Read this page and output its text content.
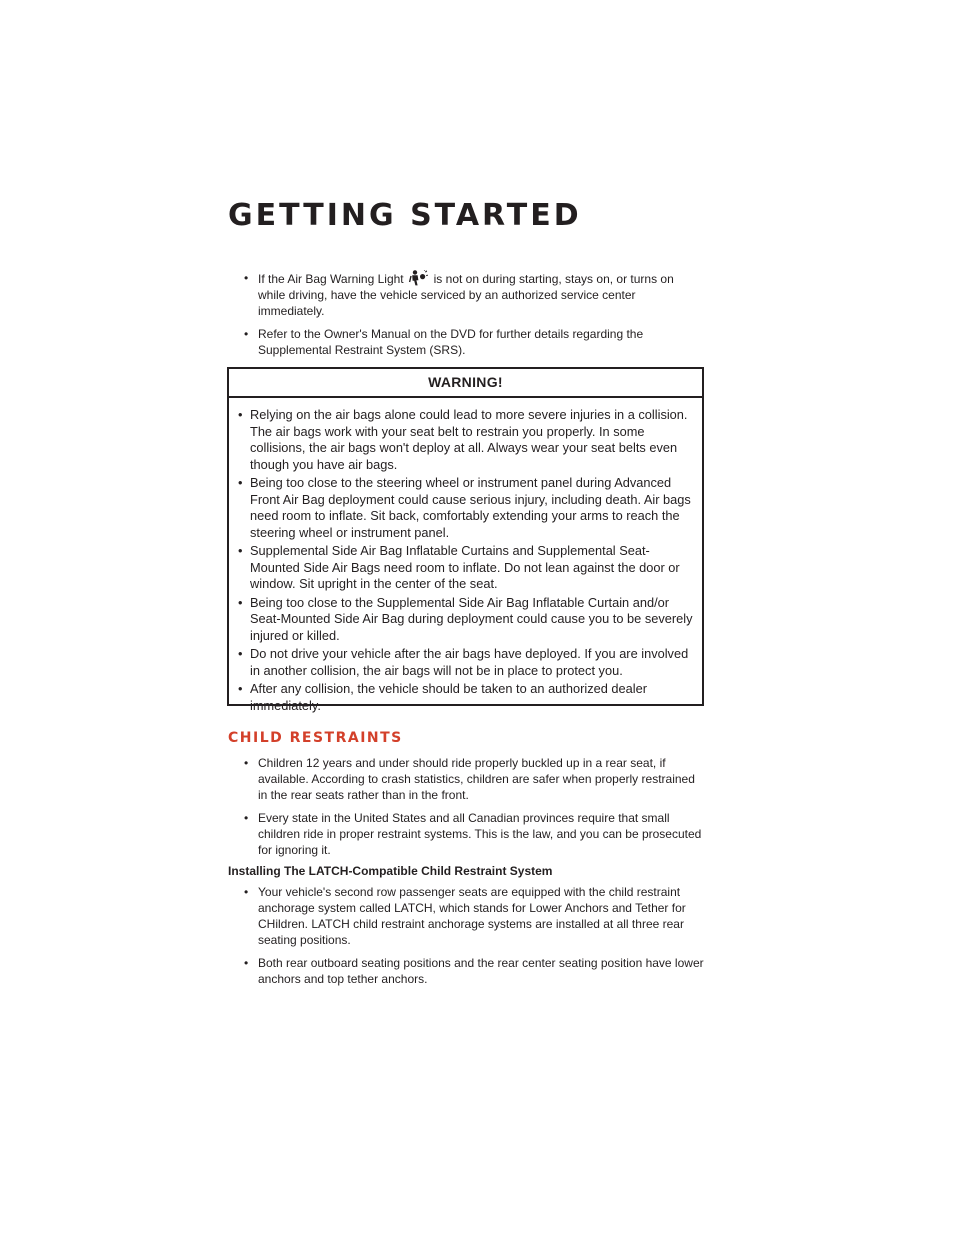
GETTING STARTED
• If the Air Bag Warning Light	is not on during starting, stays on, or turns on while driving, have the vehicle serviced by an authorized service center immediately.
• Refer to the Owner's Manual on the DVD for further details regarding the Supplemental Restraint System (SRS).
WARNING!
• Relying on the air bags alone could lead to more severe injuries in a collision. The air bags work with your seat belt to restrain you properly. In some collisions, the air bags won't deploy at all. Always wear your seat belts even though you have air bags.
• Being too close to the steering wheel or instrument panel during Advanced Front Air Bag deployment could cause serious injury, including death. Air bags need room to inflate. Sit back, comfortably extending your arms to reach the steering wheel or instrument panel.
• Supplemental Side Air Bag Inflatable Curtains and Supplemental Seat-Mounted Side Air Bags need room to inflate. Do not lean against the door or window. Sit upright in the center of the seat.
• Being too close to the Supplemental Side Air Bag Inflatable Curtain and/or Seat-Mounted Side Air Bag during deployment could cause you to be severely injured or killed.
• Do not drive your vehicle after the air bags have deployed. If you are involved in another collision, the air bags will not be in place to protect you.
• After any collision, the vehicle should be taken to an authorized dealer immediately.
CHILD RESTRAINTS
• Children 12 years and under should ride properly buckled up in a rear seat, if available. According to crash statistics, children are safer when properly restrained in the rear seats rather than in the front.
• Every state in the United States and all Canadian provinces require that small children ride in proper restraint systems. This is the law, and you can be prosecuted for ignoring it.
Installing The LATCH-Compatible Child Restraint System
• Your vehicle's second row passenger seats are equipped with the child restraint anchorage system called LATCH, which stands for Lower Anchors and Tether for CHildren. LATCH child restraint anchorage systems are installed at all three rear seating positions.
• Both rear outboard seating positions and the rear center seating position have lower anchors and top tether anchors.
